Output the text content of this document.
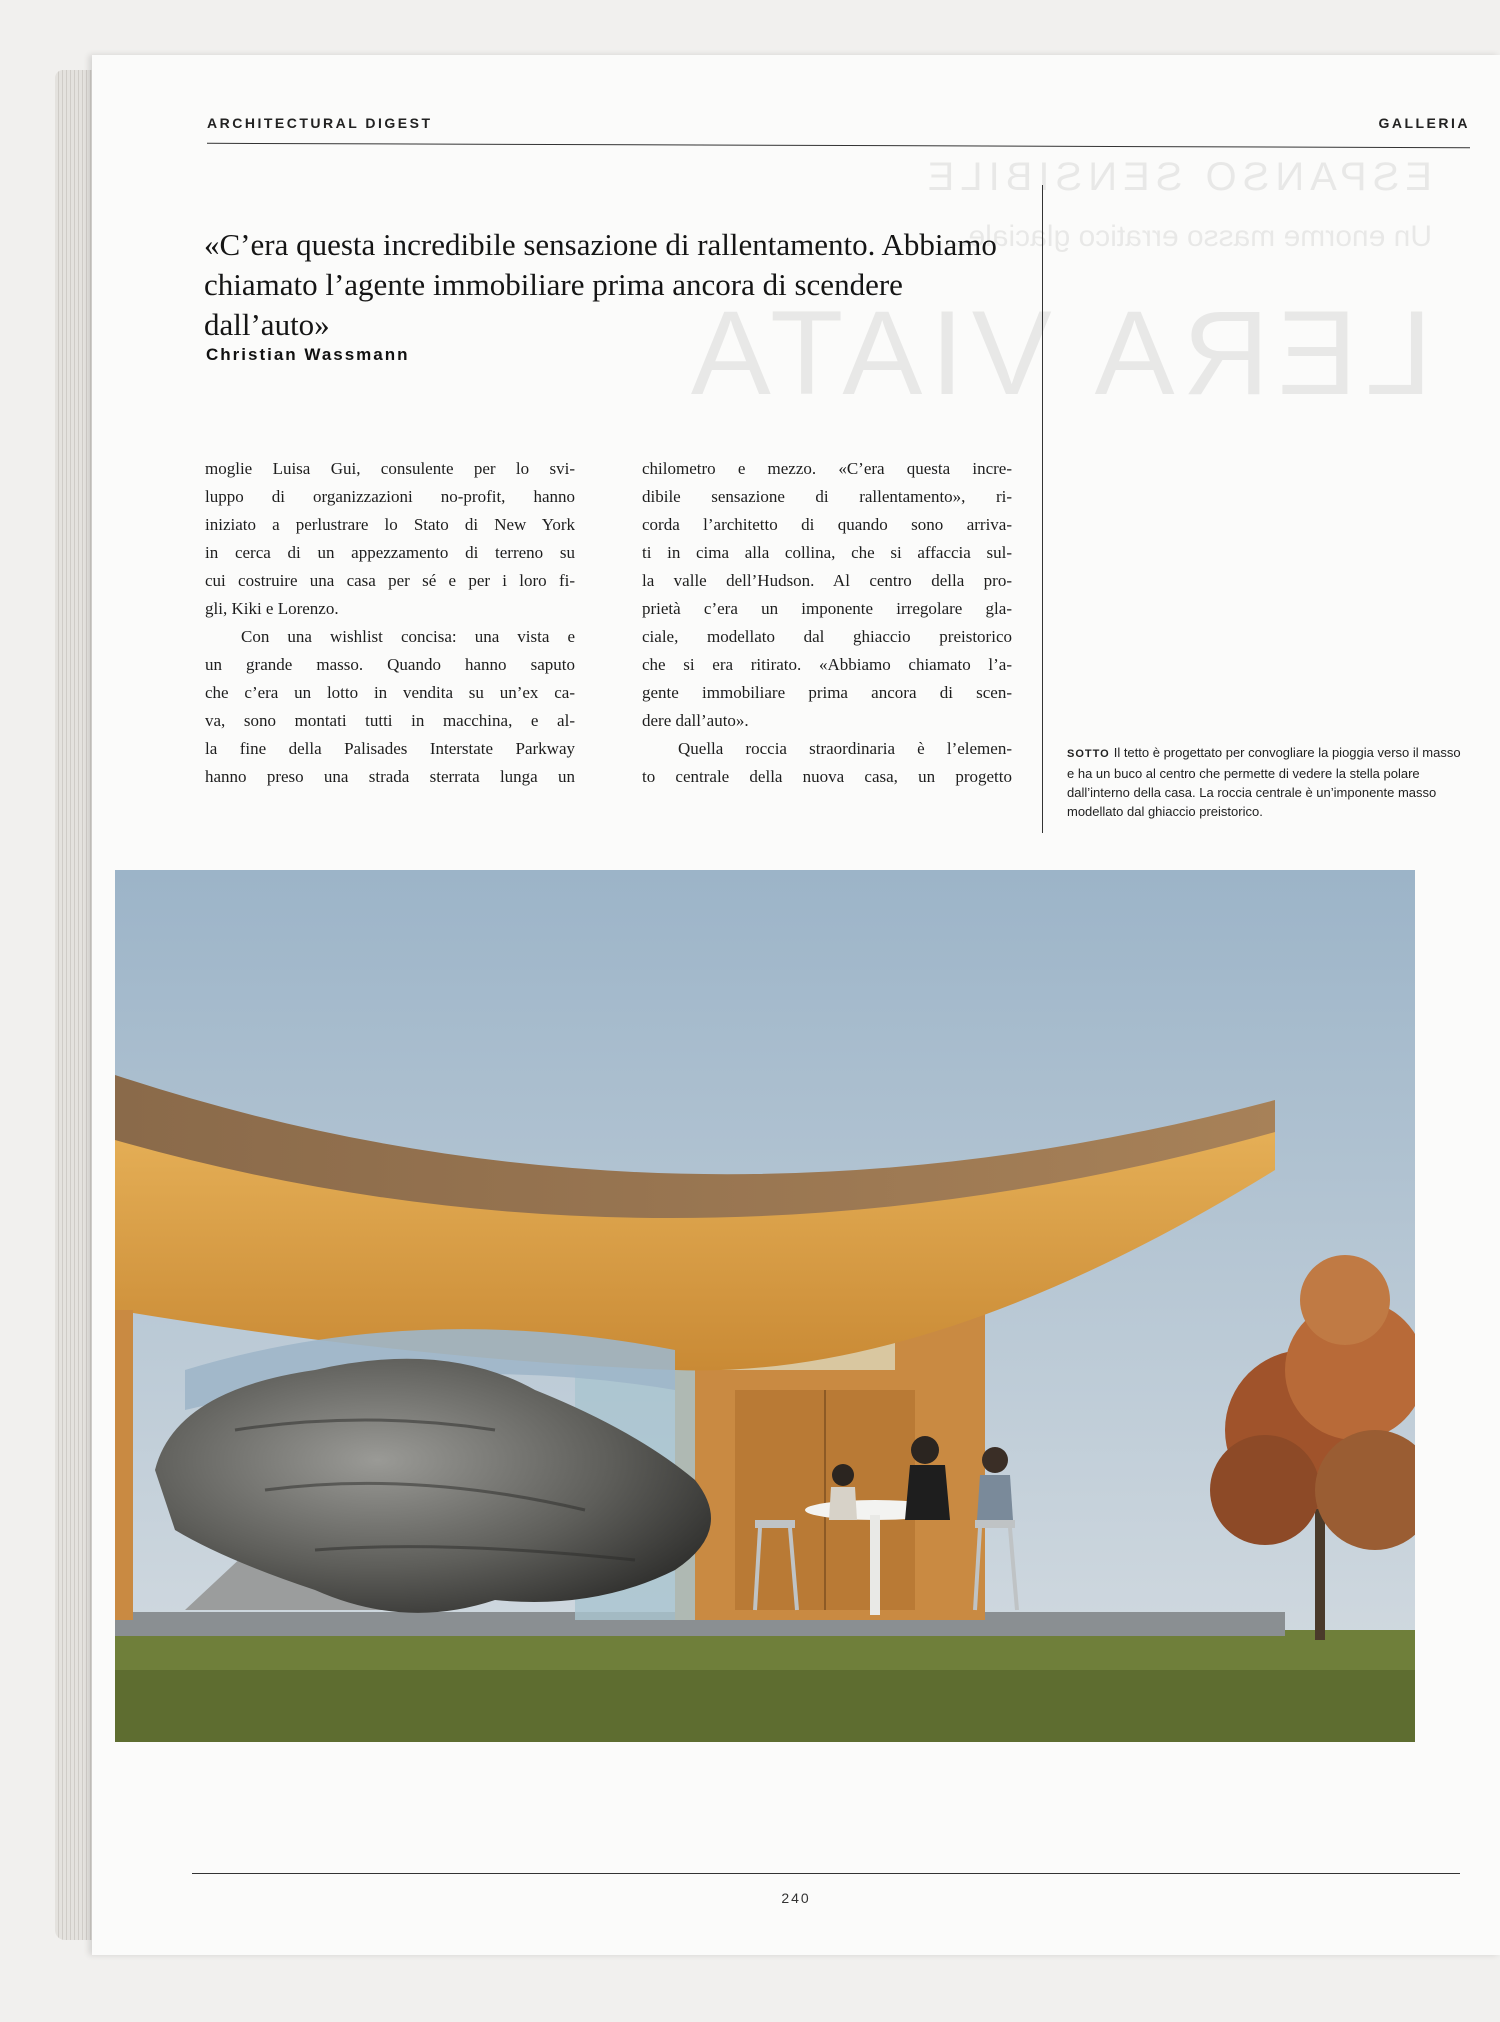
ESPANSO SENSIBILE
Un enorme masso erratico glaciale...
LERA VIATA
ARCHITECTURAL DIGEST	GALLERIA
«C’era questa incredibile sensazione di rallentamento. Abbiamo chiamato l’agente immobiliare prima ancora di scendere dall’auto»
Christian Wassmann
moglie Luisa Gui, consulente per lo svi-
luppo di organizzazioni no-profit, hanno
iniziato a perlustrare lo Stato di New York
in cerca di un appezzamento di terreno su
cui costruire una casa per sé e per i loro fi-
gli, Kiki e Lorenzo.
Con una wishlist concisa: una vista e
un grande masso. Quando hanno saputo
che c’era un lotto in vendita su un’ex ca-
va, sono montati tutti in macchina, e al-
la fine della Palisades Interstate Parkway
hanno preso una strada sterrata lunga un
chilometro e mezzo. «C’era questa incre-
dibile sensazione di rallentamento», ri-
corda l’architetto di quando sono arriva-
ti in cima alla collina, che si affaccia sul-
la valle dell’Hudson. Al centro della pro-
prietà c’era un imponente irregolare gla-
ciale, modellato dal ghiaccio preistorico
che si era ritirato. «Abbiamo chiamato l’a-
gente immobiliare prima ancora di scen-
dere dall’auto».
Quella roccia straordinaria è l’elemen-
to centrale della nuova casa, un progetto
SOTTO Il tetto è progettato per convogliare la pioggia verso il masso e ha un buco al centro che permette di vedere la stella polare dall’interno della casa. La roccia centrale è un’imponente masso modellato dal ghiaccio preistorico.
240
